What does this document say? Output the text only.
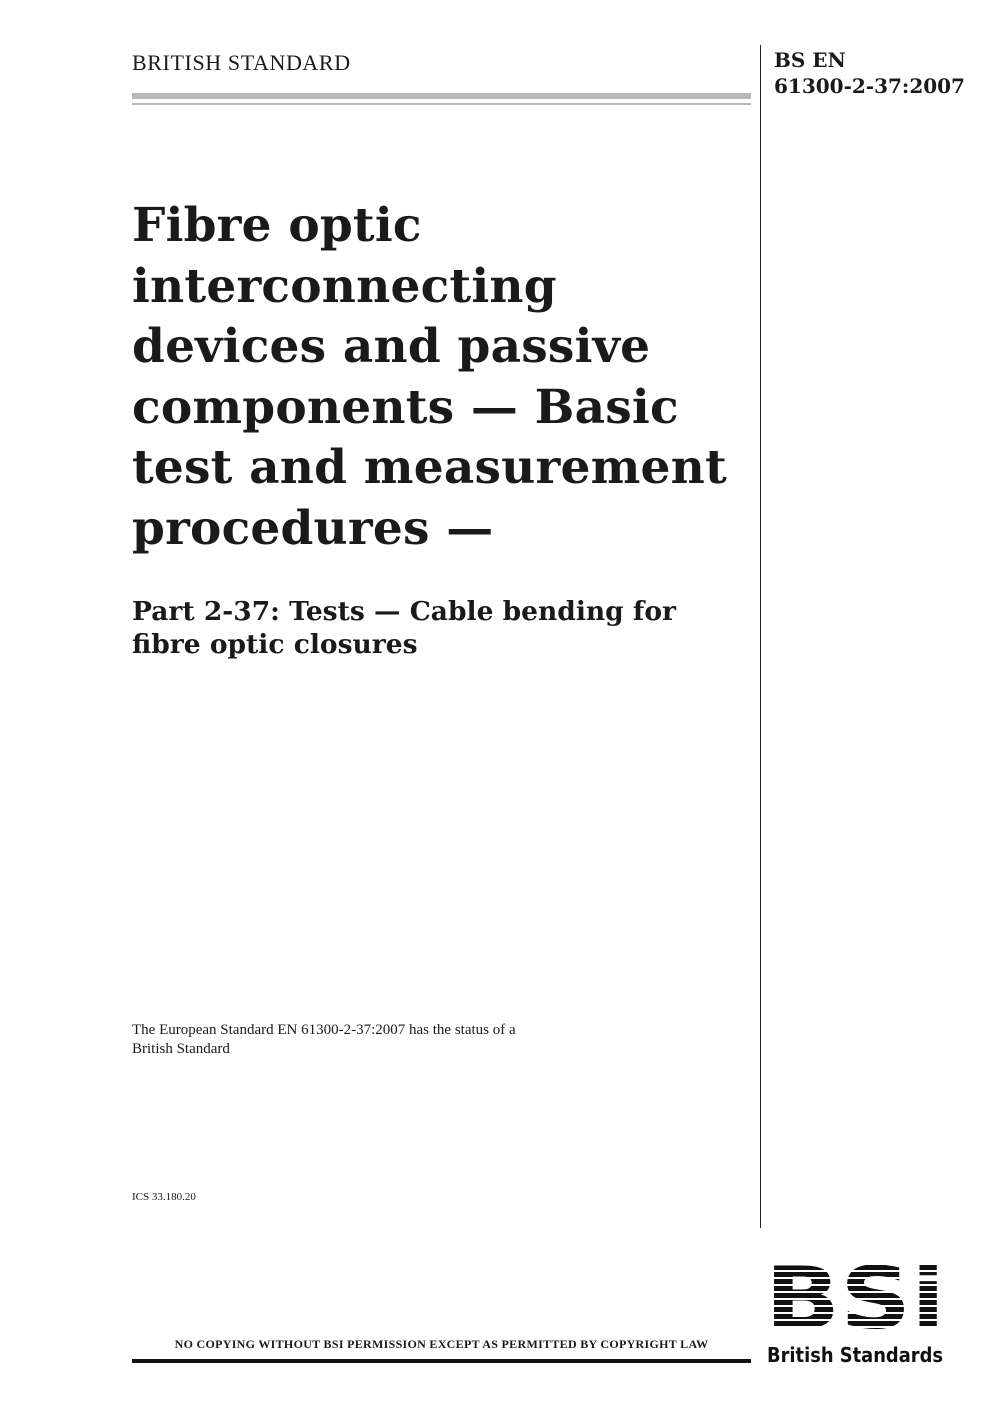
BRITISH STANDARD	BS EN
61300-2-37:2007
Fibre optic
interconnecting
devices and passive
components — Basic
test and measurement
procedures —
Part 2-37: Tests — Cable bending for
fibre optic closures
The European Standard EN 61300-2-37:2007 has the status of a
British Standard
ICS 33.180.20
NO COPYING WITHOUT BSI PERMISSION EXCEPT AS PERMITTED BY COPYRIGHT LAW BSi
British Standards
